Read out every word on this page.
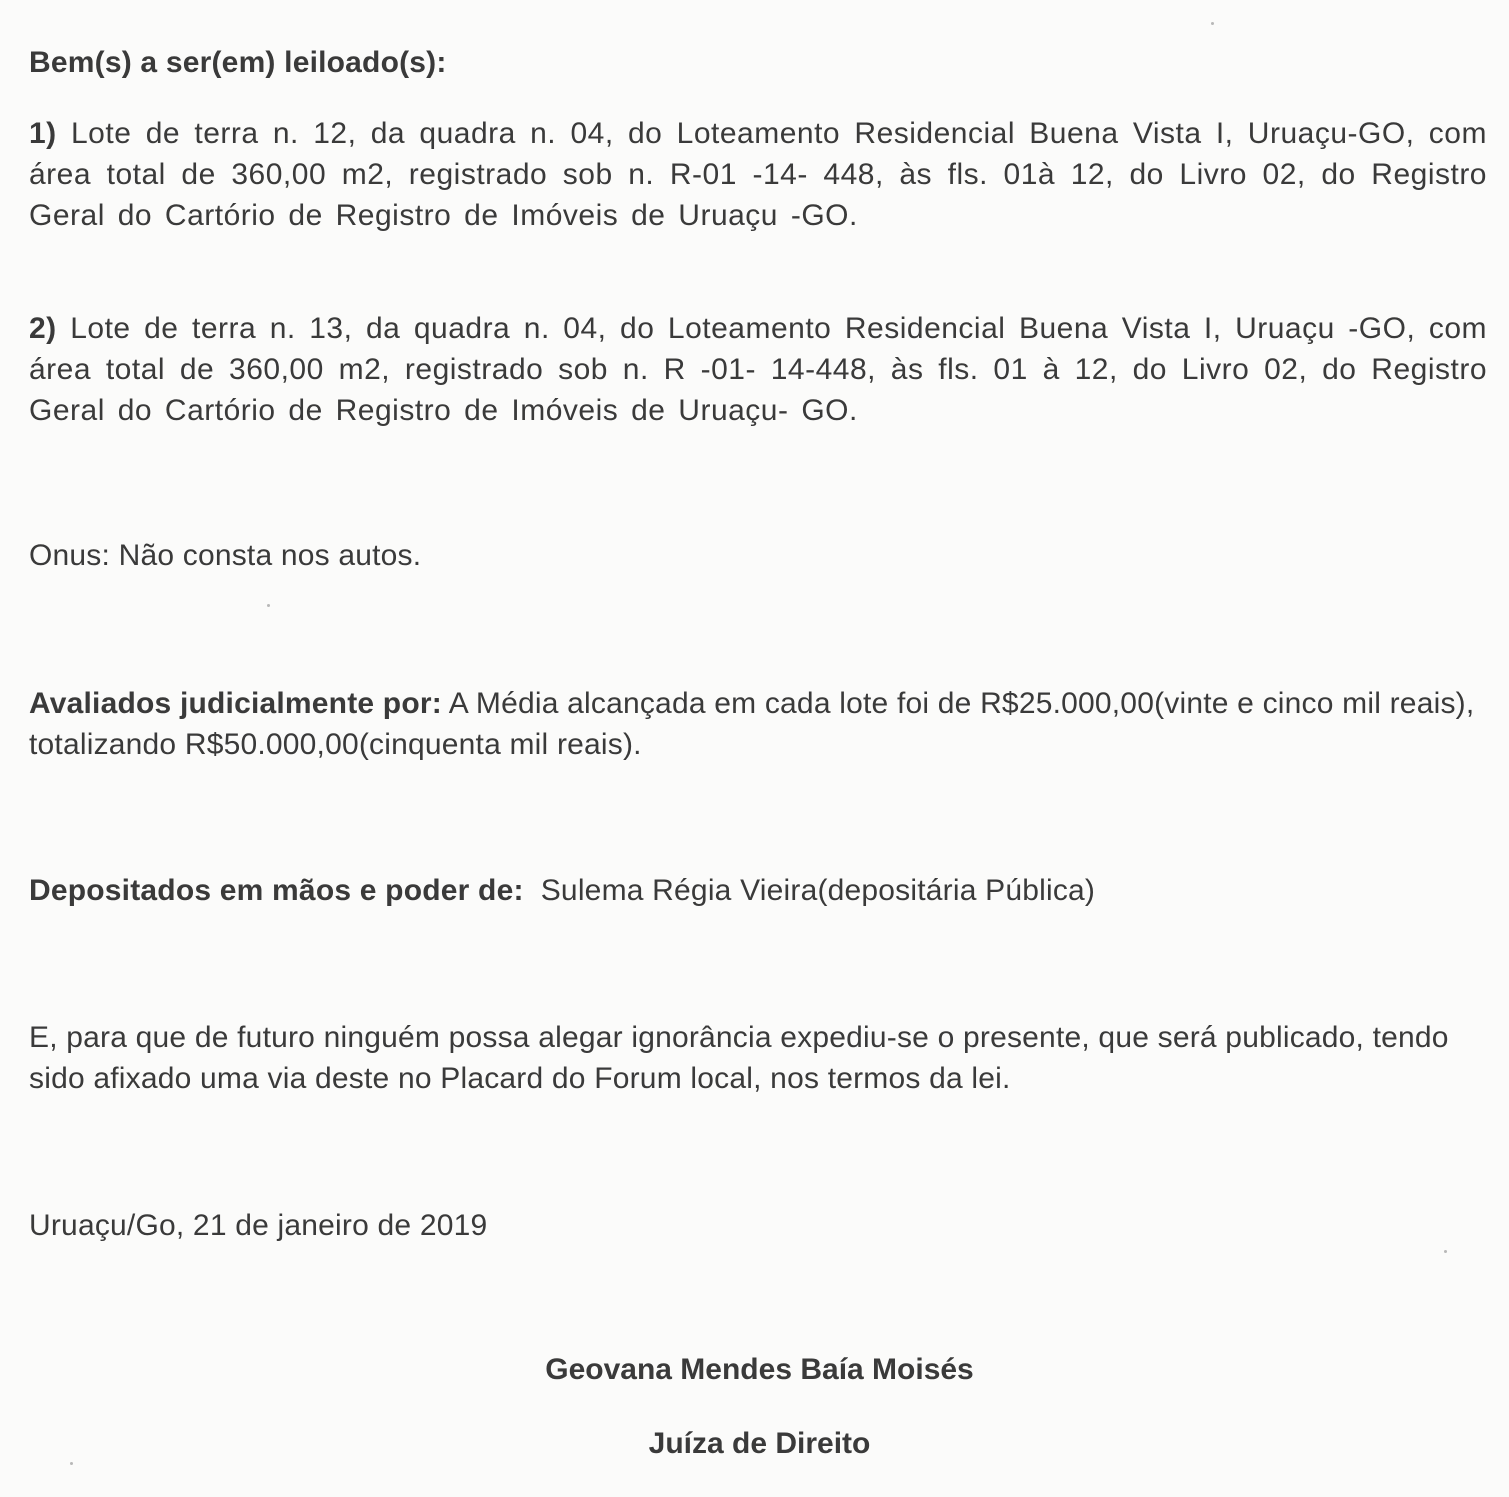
Bem(s) a ser(em) leiloado(s):
1) Lote de terra n. 12, da quadra n. 04, do Loteamento Residencial Buena Vista I, Uruaçu-GO, com área total de 360,00 m2, registrado sob n. R-01 -14- 448, às fls. 01à 12, do Livro 02, do Registro Geral do Cartório de Registro de Imóveis de Uruaçu -GO.
2) Lote de terra n. 13, da quadra n. 04, do Loteamento Residencial Buena Vista I, Uruaçu -GO, com área total de 360,00 m2, registrado sob n. R -01- 14-448, às fls. 01 à 12, do Livro 02, do Registro Geral do Cartório de Registro de Imóveis de Uruaçu- GO.
Onus: Não consta nos autos.
Avaliados judicialmente por: A Média alcançada em cada lote foi de R$25.000,00(vinte e cinco mil reais), totalizando R$50.000,00(cinquenta mil reais).
Depositados em mãos e poder de:  Sulema Régia Vieira(depositária Pública)
E, para que de futuro ninguém possa alegar ignorância expediu-se o presente, que será publicado, tendo sido afixado uma via deste no Placard do Forum local, nos termos da lei.
Uruaçu/Go, 21 de janeiro de 2019
Geovana Mendes Baía Moisés
Juíza de Direito
